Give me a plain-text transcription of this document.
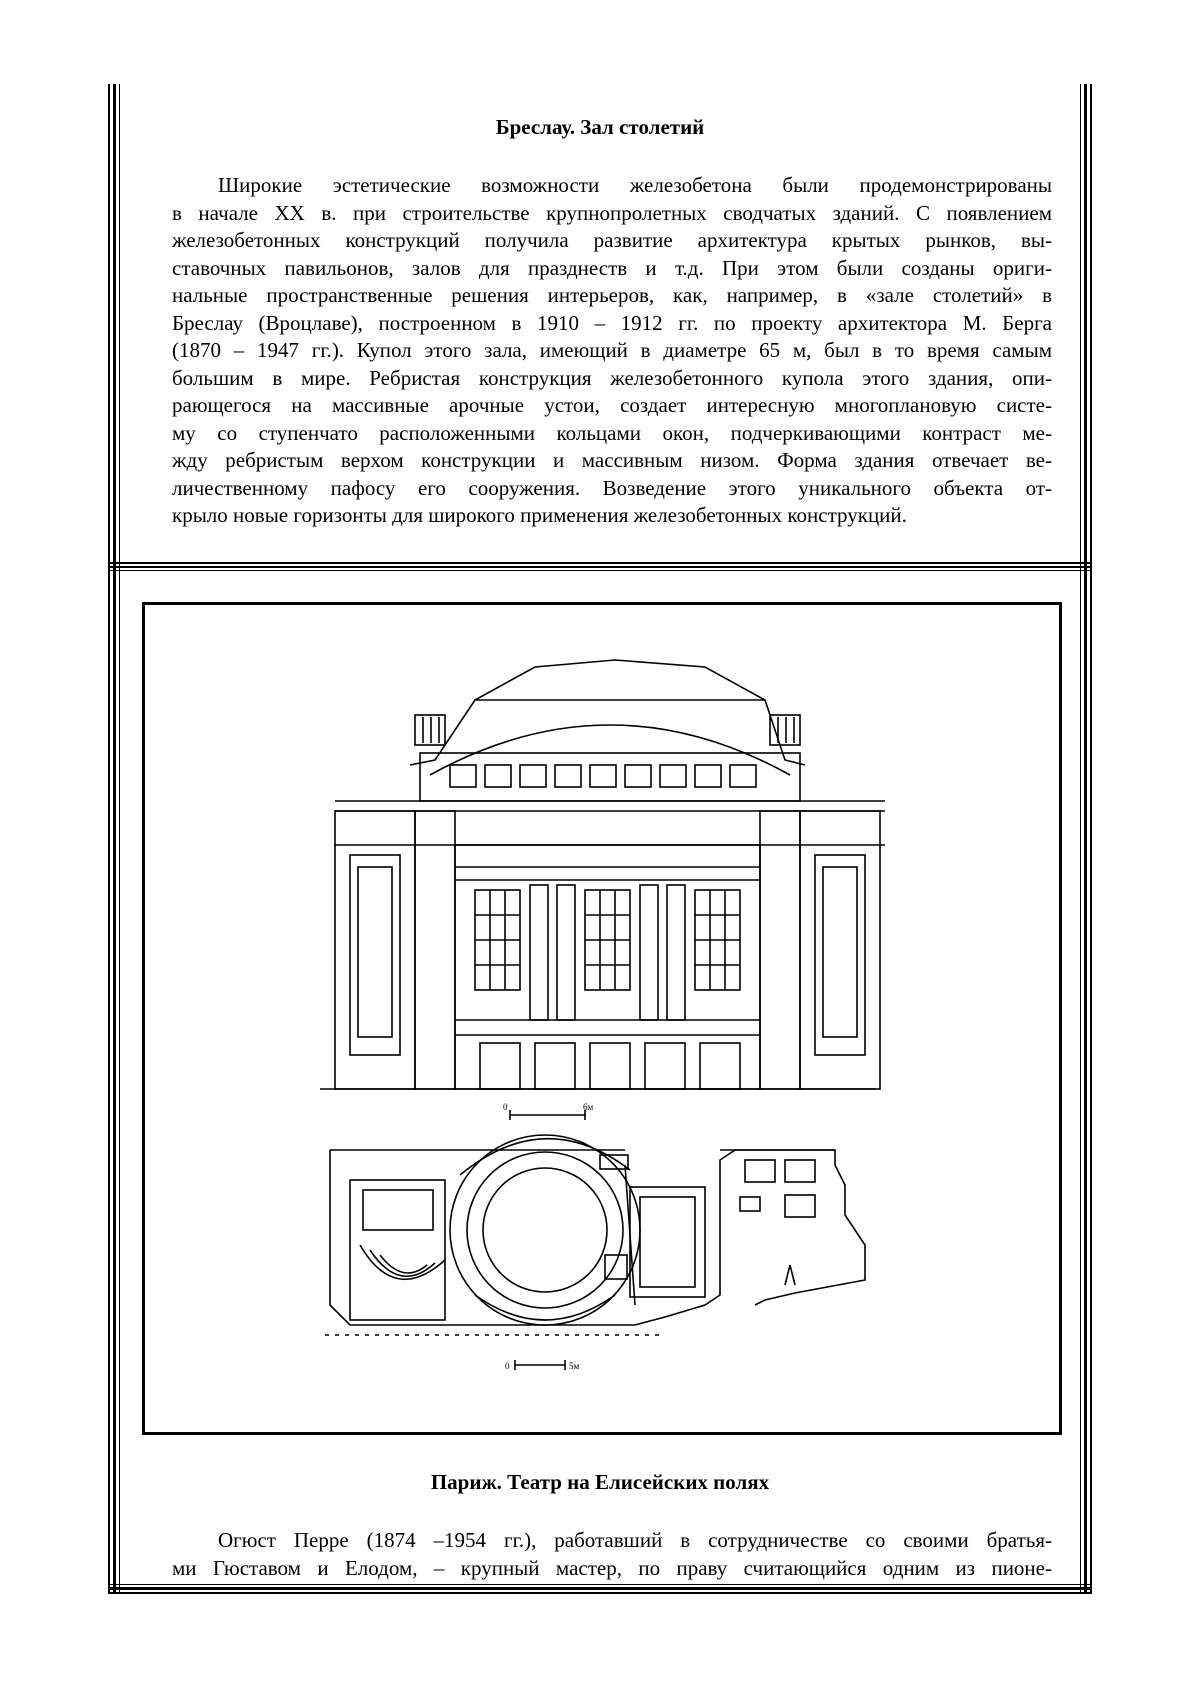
Бреслау. Зал столетий
Широкие эстетические возможности железобетона были продемонстрированы
в начале XX в. при строительстве крупнопролетных сводчатых зданий. С появлением
железобетонных конструкций получила развитие архитектура крытых рынков, вы-
ставочных павильонов, залов для празднеств и т.д. При этом были созданы ориги-
нальные пространственные решения интерьеров, как, например, в «зале столетий» в
Бреслау (Вроцлаве), построенном в 1910 – 1912 гг. по проекту архитектора М. Берга
(1870 – 1947 гг.). Купол этого зала, имеющий в диаметре 65 м, был в то время самым
большим в мире. Ребристая конструкция железобетонного купола этого здания, опи-
рающегося на массивные арочные устои, создает интересную многоплановую систе-
му со ступенчато расположенными кольцами окон, подчеркивающими контраст ме-
жду ребристым верхом конструкции и массивным низом. Форма здания отвечает ве-
личественному пафосу его сооружения. Возведение этого уникального объекта от-
крыло новые горизонты для широкого применения железобетонных конструкций.
0	6м
0	5м
Париж. Театр на Елисейских полях
Огюст Перре (1874 –1954 гг.), работавший в сотрудничестве со своими братья-
ми Гюставом и Елодом, – крупный мастер, по праву считающийся одним из пионе-
